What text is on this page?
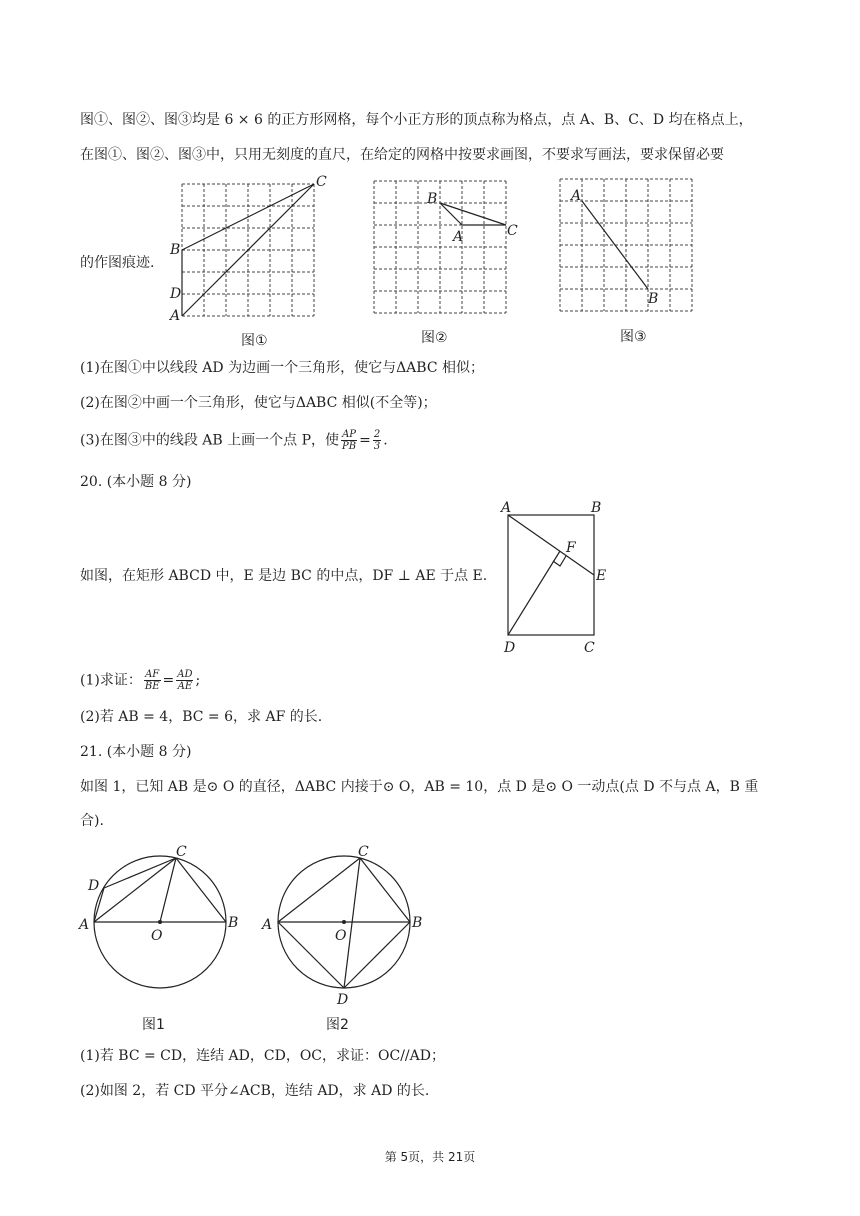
图①、图②、图③均是 6 × 6 的正方形网格，每个小正方形的顶点称为格点，点 A、B、C、D 均在格点上，
在图①、图②、图③中，只用无刻度的直尺，在给定的网格中按要求画图，不要求写画法，要求保留必要
的作图痕迹.
C
B
D
A
图①
B
A	C
图②
A
B
图③
(1)在图①中以线段 AD 为边画一个三角形，使它与ΔABC 相似；
(2)在图②中画一个三角形，使它与ΔABC 相似(不全等)；
(3)在图③中的线段 AB 上画一个点 P，使 $\frac{AP}{PB} = \frac{2}{3}$ .
20. (本小题 8 分)
如图，在矩形 ABCD 中，E 是边 BC 的中点，DF ⊥ AE 于点 E.
A	B
F
E
D	C
(1)求证： $\frac{AF}{BE} = \frac{AD}{AE}$ ;
(2)若 AB = 4，BC = 6，求 AF 的长.
21. (本小题 8 分)
如图 1，已知 AB 是⊙ O 的直径，ΔABC 内接于⊙ O，AB = 10，点 D 是⊙ O 一动点(点 D 不与点 A，B 重
合).
C
D
A	B
O
图1
C
A	B
O
D
图2
(1)若 BC = CD，连结 AD，CD，OC，求证：OC//AD；
(2)如图 2，若 CD 平分∠ACB，连结 AD，求 AD 的长.
第 5页，共 21页
